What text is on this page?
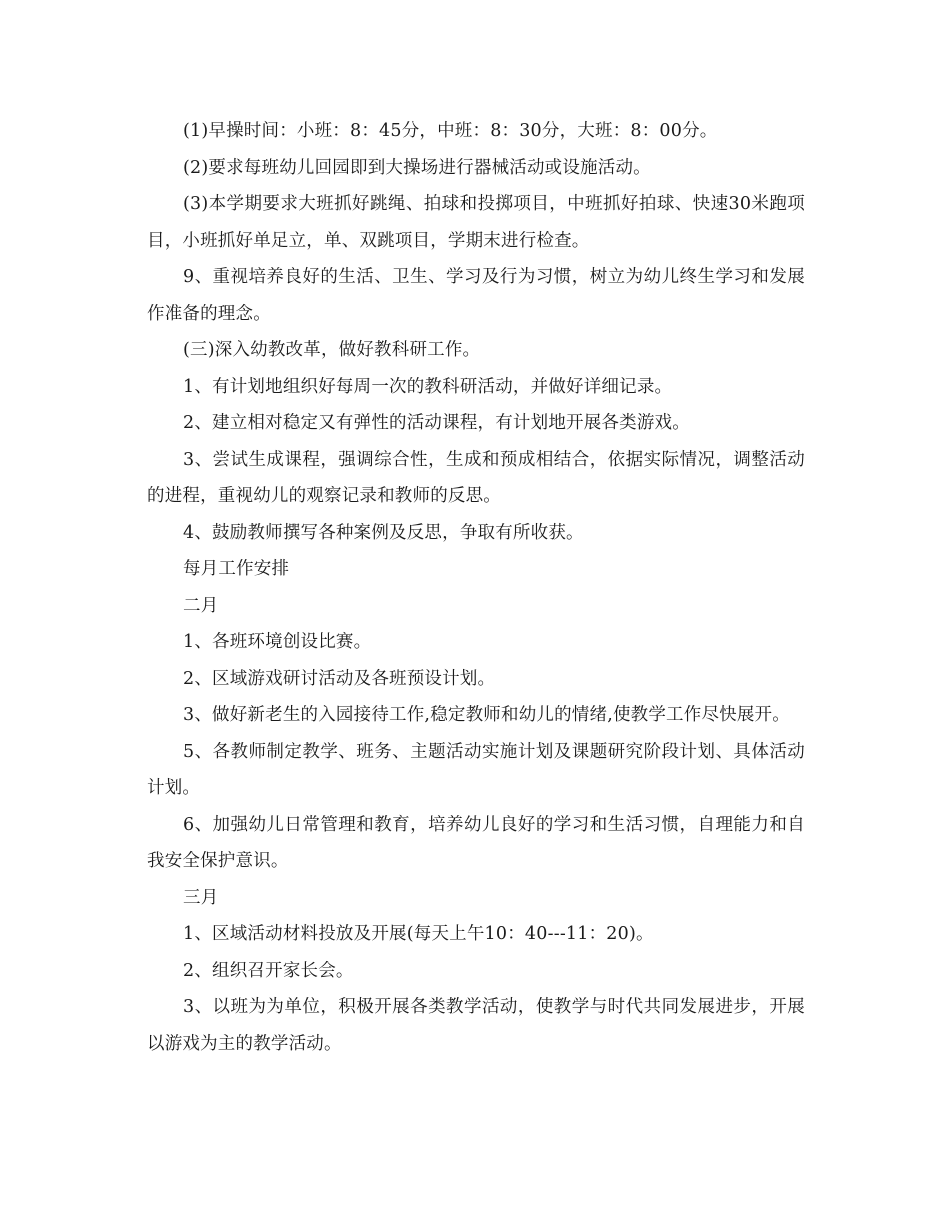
(1)早操时间：小班：8：45分，中班：8：30分，大班：8：00分。

(2)要求每班幼儿回园即到大操场进行器械活动或设施活动。

(3)本学期要求大班抓好跳绳、拍球和投掷项目，中班抓好拍球、快速30米跑项目，小班抓好单足立，单、双跳项目，学期末进行检查。

9、重视培养良好的生活、卫生、学习及行为习惯，树立为幼儿终生学习和发展作准备的理念。

(三)深入幼教改革，做好教科研工作。

1、有计划地组织好每周一次的教科研活动，并做好详细记录。

2、建立相对稳定又有弹性的活动课程，有计划地开展各类游戏。

3、尝试生成课程，强调综合性，生成和预成相结合，依据实际情况，调整活动的进程，重视幼儿的观察记录和教师的反思。

4、鼓励教师撰写各种案例及反思，争取有所收获。

每月工作安排

二月

1、各班环境创设比赛。

2、区域游戏研讨活动及各班预设计划。

3、做好新老生的入园接待工作,稳定教师和幼儿的情绪,使教学工作尽快展开。

5、各教师制定教学、班务、主题活动实施计划及课题研究阶段计划、具体活动计划。

6、加强幼儿日常管理和教育，培养幼儿良好的学习和生活习惯，自理能力和自我安全保护意识。

三月

1、区域活动材料投放及开展(每天上午10：40---11：20)。

2、组织召开家长会。

3、以班为为单位，积极开展各类教学活动，使教学与时代共同发展进步，开展以游戏为主的教学活动。
